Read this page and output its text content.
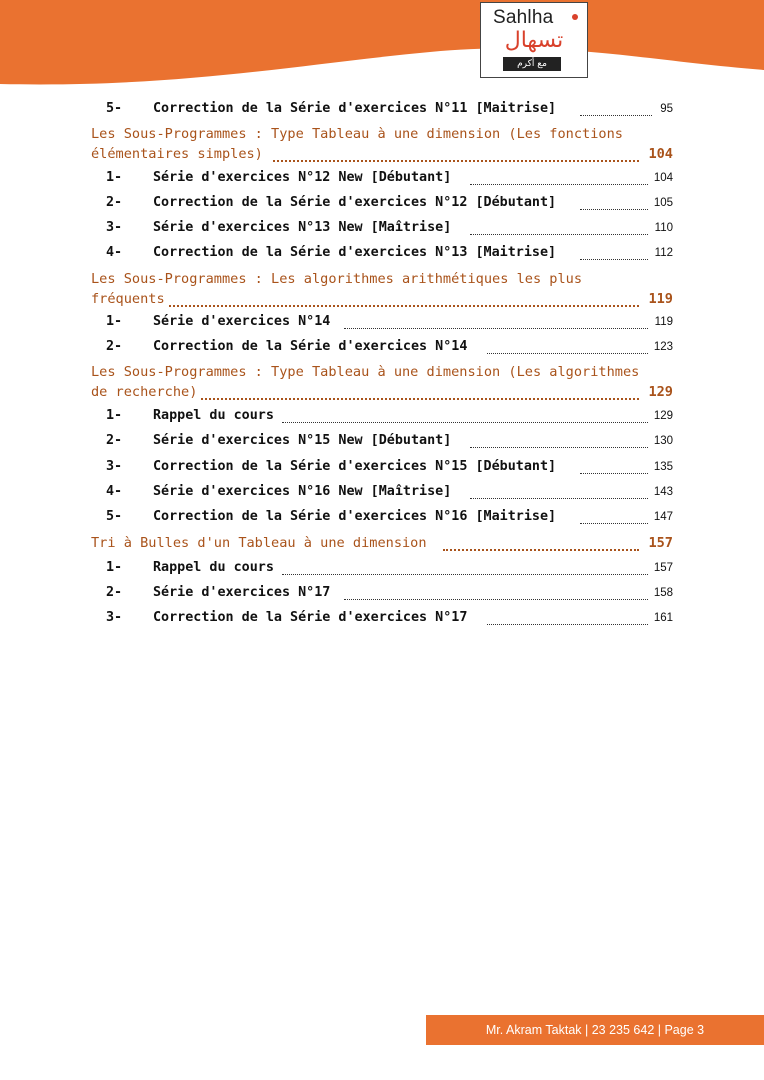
Sahlha
تسهال
مع أكرم
5- Correction de la Série d'exercices N°11 [Maitrise]	95
Les Sous-Programmes : Type Tableau à une dimension (Les fonctions
élémentaires simples)	104
1- Série d'exercices N°12 New [Débutant]	104
2- Correction de la Série d'exercices N°12 [Débutant]	105
3- Série d'exercices N°13 New [Maîtrise]	110
4- Correction de la Série d'exercices N°13 [Maitrise]	112
Les Sous-Programmes : Les algorithmes arithmétiques les plus
fréquents	119
1- Série d'exercices N°14	119
2- Correction de la Série d'exercices N°14	123
Les Sous-Programmes : Type Tableau à une dimension (Les algorithmes
de recherche)	129
1- Rappel du cours	129
2- Série d'exercices N°15 New [Débutant]	130
3- Correction de la Série d'exercices N°15 [Débutant]	135
4- Série d'exercices N°16 New [Maîtrise]	143
5- Correction de la Série d'exercices N°16 [Maitrise]	147
Tri à Bulles d'un Tableau à une dimension	157
1- Rappel du cours	157
2- Série d'exercices N°17	158
3- Correction de la Série d'exercices N°17	161
Mr. Akram Taktak | 23 235 642 | Page 3
